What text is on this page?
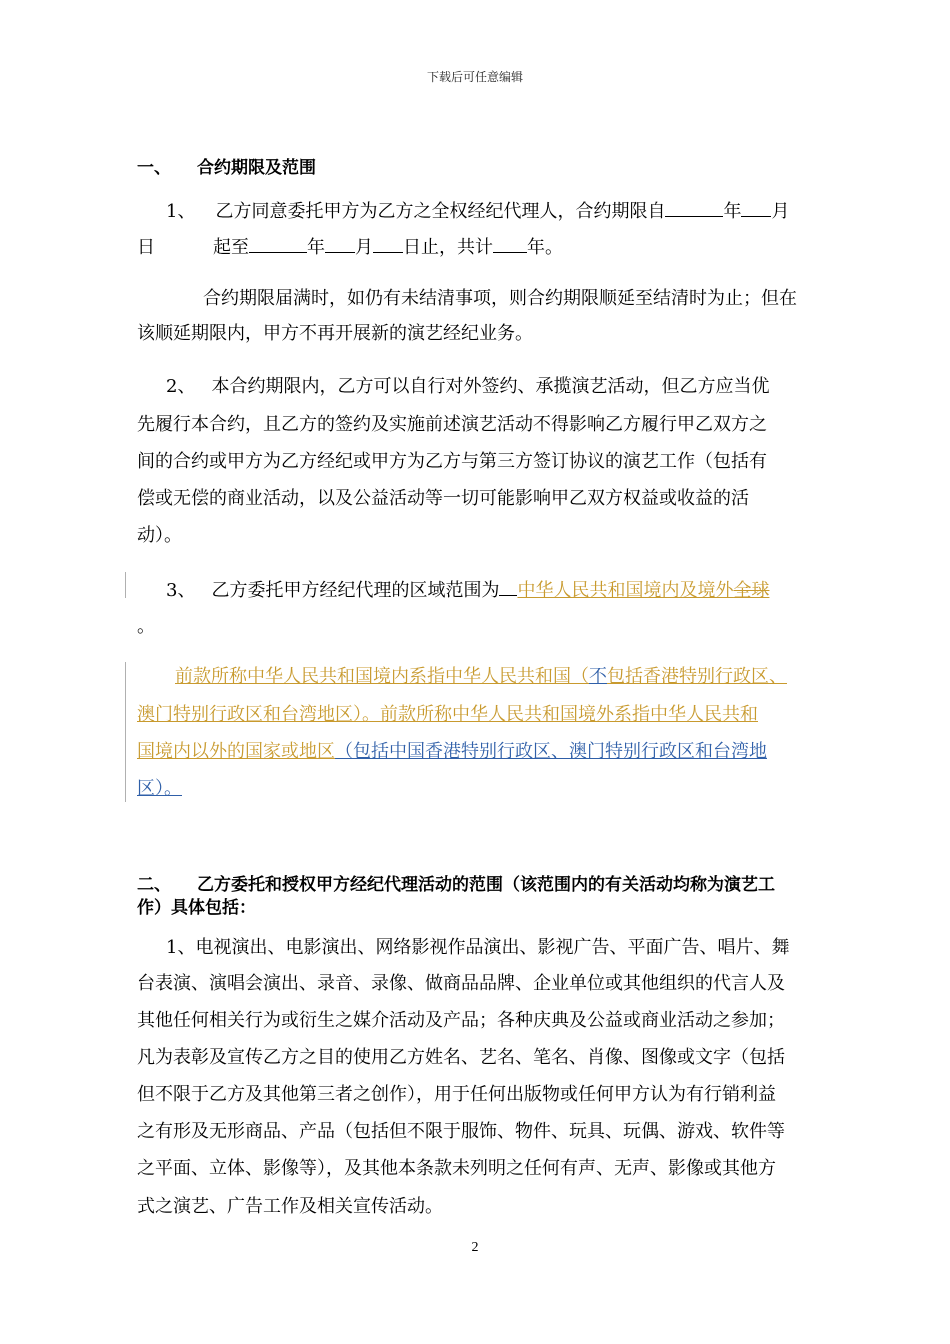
下载后可任意编辑
一、 合约期限及范围
1、 乙方同意委托甲方为乙方之全权经纪代理人，合约期限自	年 月
日	起至	年 月 日止，共计 年。
合约期限届满时，如仍有未结清事项，则合约期限顺延至结清时为止；但在
该顺延期限内，甲方不再开展新的演艺经纪业务。
2、 本合约期限内，乙方可以自行对外签约、承揽演艺活动，但乙方应当优
先履行本合约，且乙方的签约及实施前述演艺活动不得影响乙方履行甲乙双方之
间的合约或甲方为乙方经纪或甲方为乙方与第三方签订协议的演艺工作（包括有
偿或无偿的商业活动，以及公益活动等一切可能影响甲乙双方权益或收益的活
动）。
3、 乙方委托甲方经纪代理的区域范围为 中华人民共和国境内及境外全球
。
前款所称中华人民共和国境内系指中华人民共和国（不包括香港特别行政区、
澳门特别行政区和台湾地区）。前款所称中华人民共和国境外系指中华人民共和
国境内以外的国家或地区（包括中国香港特别行政区、澳门特别行政区和台湾地
区）。
二、 乙方委托和授权甲方经纪代理活动的范围（该范围内的有关活动均称为演艺工
作）具体包括：
1、电视演出、电影演出、网络影视作品演出、影视广告、平面广告、唱片、舞
台表演、演唱会演出、录音、录像、做商品品牌、企业单位或其他组织的代言人及
其他任何相关行为或衍生之媒介活动及产品；各种庆典及公益或商业活动之参加；
凡为表彰及宣传乙方之目的使用乙方姓名、艺名、笔名、肖像、图像或文字（包括
但不限于乙方及其他第三者之创作），用于任何出版物或任何甲方认为有行销利益
之有形及无形商品、产品（包括但不限于服饰、物件、玩具、玩偶、游戏、软件等
之平面、立体、影像等），及其他本条款未列明之任何有声、无声、影像或其他方
式之演艺、广告工作及相关宣传活动。
2
